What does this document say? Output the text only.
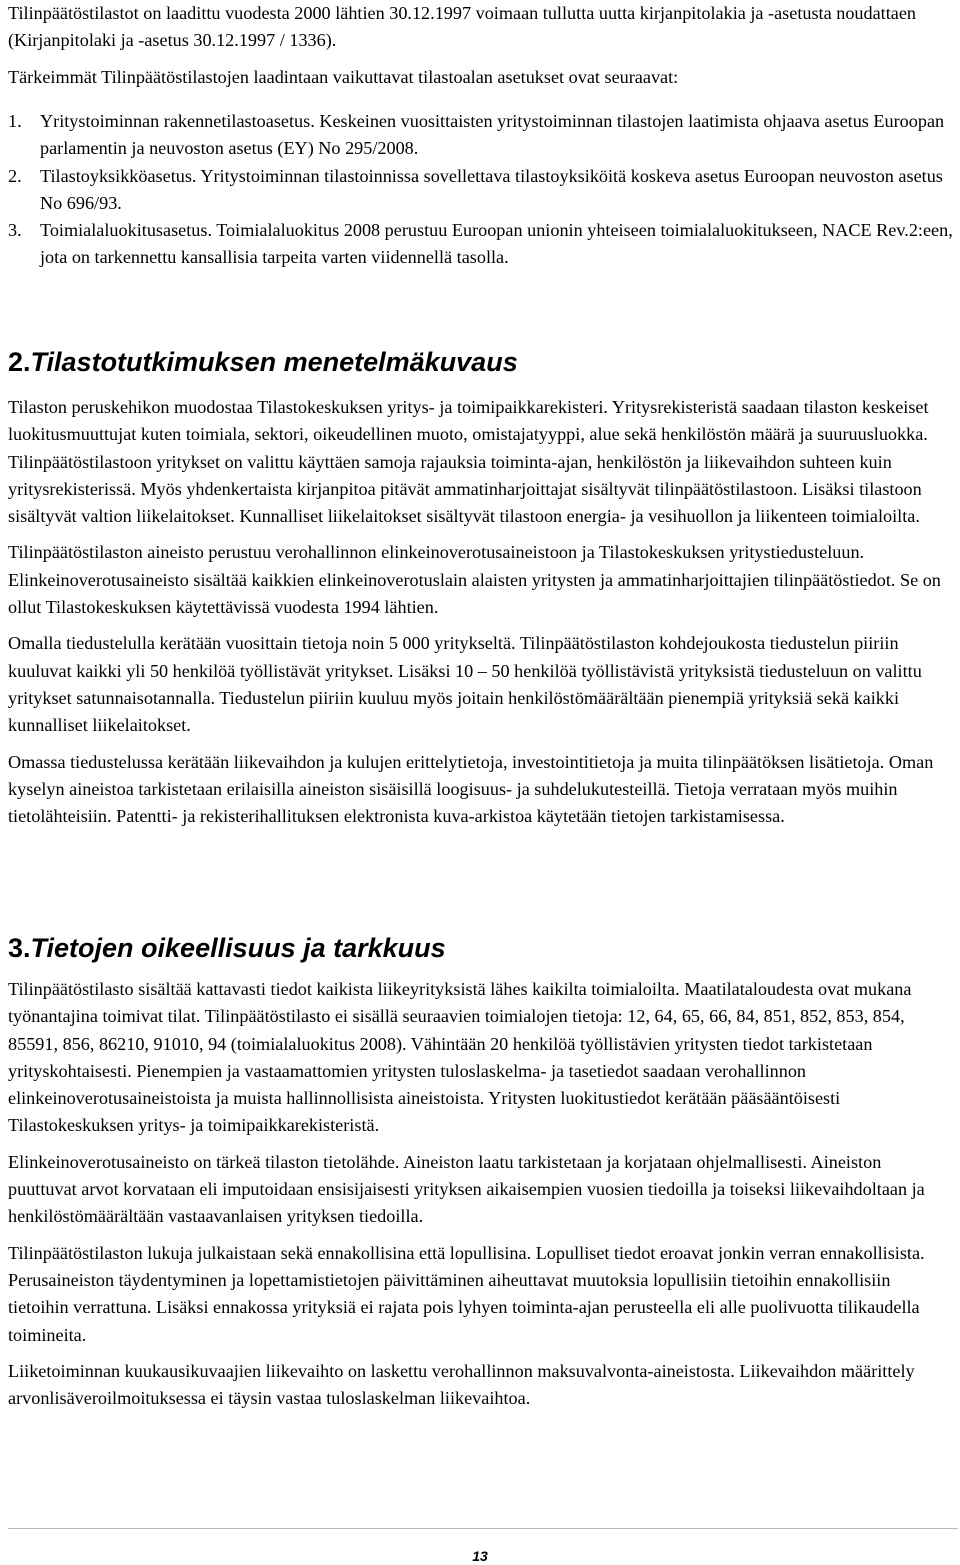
Tilinpäätöstilastot on laadittu vuodesta 2000 lähtien 30.12.1997 voimaan tullutta uutta kirjanpitolakia ja -asetusta noudattaen (Kirjanpitolaki ja -asetus 30.12.1997 / 1336).

Tärkeimmät Tilinpäätöstilastojen laadintaan vaikuttavat tilastoalan asetukset ovat seuraavat:

1. Yritystoiminnan rakennetilastoasetus. Keskeinen vuosittaisten yritystoiminnan tilastojen laatimista ohjaava asetus Euroopan parlamentin ja neuvoston asetus (EY) No 295/2008.
2. Tilastoyksikköasetus. Yritystoiminnan tilastoinnissa sovellettava tilastoyksiköitä koskeva asetus Euroopan neuvoston asetus No 696/93.
3. Toimialaluokitusasetus. Toimialaluokitus 2008 perustuu Euroopan unionin yhteiseen toimialaluokitukseen, NACE Rev.2:een, jota on tarkennettu kansallisia tarpeita varten viidennellä tasolla.
2.Tilastotutkimuksen menetelmäkuvaus

Tilaston peruskehikon muodostaa Tilastokeskuksen yritys- ja toimipaikkarekisteri. Yritysrekisteristä saadaan tilaston keskeiset luokitusmuuttujat kuten toimiala, sektori, oikeudellinen muoto, omistajatyyppi, alue sekä henkilöstön määrä ja suuruusluokka. Tilinpäätöstilastoon yritykset on valittu käyttäen samoja rajauksia toiminta-ajan, henkilöstön ja liikevaihdon suhteen kuin yritysrekisterissä. Myös yhdenkertaista kirjanpitoa pitävät ammatinharjoittajat sisältyvät tilinpäätöstilastoon. Lisäksi tilastoon sisältyvät valtion liikelaitokset. Kunnalliset liikelaitokset sisältyvät tilastoon energia- ja vesihuollon ja liikenteen toimialoilta.

Tilinpäätöstilaston aineisto perustuu verohallinnon elinkeinoverotusaineistoon ja Tilastokeskuksen yritystiedusteluun. Elinkeinoverotusaineisto sisältää kaikkien elinkeinoverotuslain alaisten yritysten ja ammatinharjoittajien tilinpäätöstiedot. Se on ollut Tilastokeskuksen käytettävissä vuodesta 1994 lähtien.

Omalla tiedustelulla kerätään vuosittain tietoja noin 5 000 yritykseltä. Tilinpäätöstilaston kohdejoukosta tiedustelun piiriin kuuluvat kaikki yli 50 henkilöä työllistävät yritykset. Lisäksi 10 – 50 henkilöä työllistävistä yrityksistä tiedusteluun on valittu yritykset satunnaisotannalla. Tiedustelun piiriin kuuluu myös joitain henkilöstömäärältään pienempiä yrityksiä sekä kaikki kunnalliset liikelaitokset.

Omassa tiedustelussa kerätään liikevaihdon ja kulujen erittelytietoja, investointitietoja ja muita tilinpäätöksen lisätietoja. Oman kyselyn aineistoa tarkistetaan erilaisilla aineiston sisäisillä loogisuus- ja suhdelukutesteillä. Tietoja verrataan myös muihin tietolähteisiin. Patentti- ja rekisterihallituksen elektronista kuva-arkistoa käytetään tietojen tarkistamisessa.

3.Tietojen oikeellisuus ja tarkkuus

Tilinpäätöstilasto sisältää kattavasti tiedot kaikista liikeyrityksistä lähes kaikilta toimialoilta. Maatilataloudesta ovat mukana työnantajina toimivat tilat. Tilinpäätöstilasto ei sisällä seuraavien toimialojen tietoja: 12, 64, 65, 66, 84, 851, 852, 853, 854, 85591, 856, 86210, 91010, 94 (toimialaluokitus 2008). Vähintään 20 henkilöä työllistävien yritysten tiedot tarkistetaan yrityskohtaisesti. Pienempien ja vastaamattomien yritysten tuloslaskelma- ja tasetiedot saadaan verohallinnon elinkeinoverotusaineistoista ja muista hallinnollisista aineistoista. Yritysten luokitustiedot kerätään pääsääntöisesti Tilastokeskuksen yritys- ja toimipaikkarekisteristä.

Elinkeinoverotusaineisto on tärkeä tilaston tietolähde. Aineiston laatu tarkistetaan ja korjataan ohjelmallisesti. Aineiston puuttuvat arvot korvataan eli imputoidaan ensisijaisesti yrityksen aikaisempien vuosien tiedoilla ja toiseksi liikevaihdoltaan ja henkilöstömäärältään vastaavanlaisen yrityksen tiedoilla.

Tilinpäätöstilaston lukuja julkaistaan sekä ennakollisina että lopullisina. Lopulliset tiedot eroavat jonkin verran ennakollisista. Perusaineiston täydentyminen ja lopettamistietojen päivittäminen aiheuttavat muutoksia lopullisiin tietoihin ennakollisiin tietoihin verrattuna. Lisäksi ennakossa yrityksiä ei rajata pois lyhyen toiminta-ajan perusteella eli alle puolivuotta tilikaudella toimineita.

Liiketoiminnan kuukausikuvaajien liikevaihto on laskettu verohallinnon maksuvalvonta-aineistosta. Liikevaihdon määrittely arvonlisäveroilmoituksessa ei täysin vastaa tuloslaskelman liikevaihtoa.

13
